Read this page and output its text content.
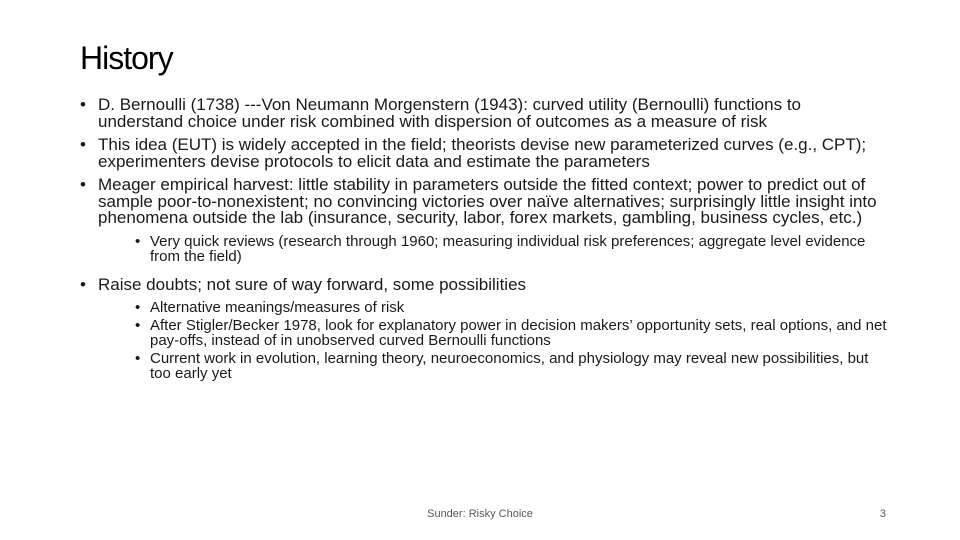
History
• D. Bernoulli (1738) ---Von Neumann Morgenstern (1943): curved utility (Bernoulli) functions to understand choice under risk combined with dispersion of outcomes as a measure of risk
• This idea (EUT) is widely accepted in the field; theorists devise new parameterized curves (e.g., CPT); experimenters devise protocols to elicit data and estimate the parameters
• Meager empirical harvest: little stability in parameters outside the fitted context; power to predict out of sample poor-to-nonexistent; no convincing victories over naïve alternatives; surprisingly little insight into phenomena outside the lab (insurance, security, labor, forex markets, gambling, business cycles, etc.)
• Very quick reviews (research through 1960; measuring individual risk preferences; aggregate level evidence from the field)
• Raise doubts; not sure of way forward, some possibilities
• Alternative meanings/measures of risk
• After Stigler/Becker 1978, look for explanatory power in decision makers’ opportunity sets, real options, and net pay-offs, instead of in unobserved curved Bernoulli functions
• Current work in evolution, learning theory, neuroeconomics, and physiology may reveal new possibilities, but too early yet
Sunder: Risky Choice	3
